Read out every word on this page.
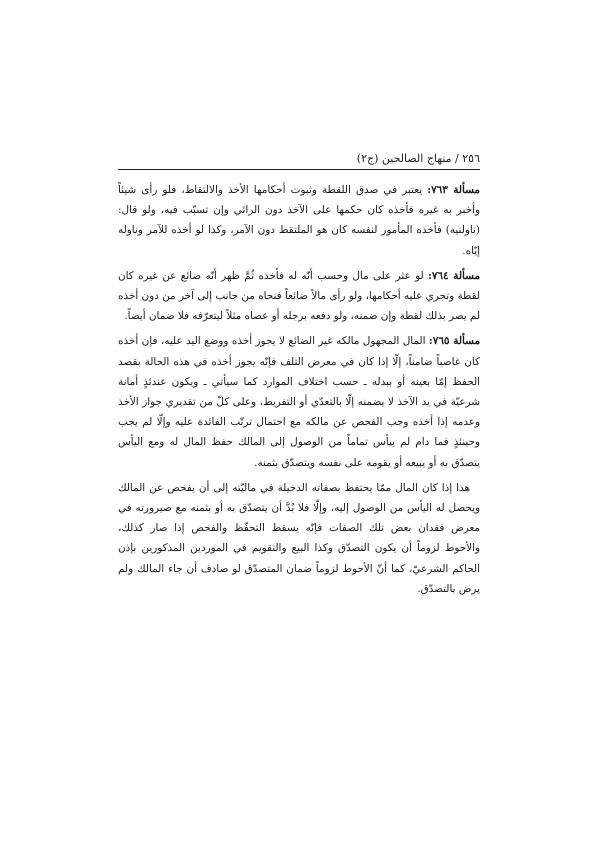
٢٥٦ / منهاج الصالحين (ج٢)

مسألة ٧٦٣: يعتبر في صدق اللقطة وثبوت أحكامها الأخذ والالتقاط، فلو رأى شيئاً وأخبر به غيره فأخذه كان حكمها على الآخذ دون الرائي وإن تسبّب فيه، ولو قال: (ناولنيه) فأخذه المأمور لنفسه كان هو الملتقط دون الآمر، وكذا لو أخذه للآمر وناوله إيّاه.

مسألة ٧٦٤: لو عثر على مال وحسب أنّه له فأخذه ثُمَّ ظهر أنّه ضائع عن غيره كان لقطة وتجري عليه أحكامها، ولو رأى مالاً ضائعاً فنحاه من جانب إلى آخر من دون أخذه لم يصر بذلك لقطة وإن ضمنه، ولو دفعه برجله أو عصاه مثلاً ليتعرّفه فلا ضمان أيضاً.

مسألة ٧٦٥: المال المجهول مالكه غير الضائع لا يجوز أخذه ووضع اليد عليه، فإن أخذه كان غاصباً ضامناً، إلّا إذا كان في معرض التلف فإنّه يجوز أخذه في هذه الحالة بقصد الحفظ إمّا بعينه أو ببدله ـ حسب اختلاف الموارد كما سيأتي ـ ويكون عندئذٍ أمانة شرعيّة في يد الآخذ لا يضمنه إلّا بالتعدّي أو التفريط، وعلى كلّ من تقديري جواز الأخذ وعدمه إذا أخذه وجب الفحص عن مالكه مع احتمال ترتّب الفائدة عليه وإلّا لم يجب وحينئذٍ فما دام لم ييأس تماماً من الوصول إلى المالك حفظ المال له ومع اليأس يتصدّق به أو يبيعه أو يقومه على نفسه ويتصدّق بثمنه.

هذا إذا كان المال ممّا يحتفظ بصفاته الدخيلة في ماليّته إلى أن يفحص عن المالك ويحصل له اليأس من الوصول إليه، وإلّا فلا بُدَّ أن يتصدّق به أو بثمنه مع صيرورته في معرض فقدان بعض تلك الصفات فإنّه يسقط التحفّظ والفحص إذا صار كذلك، والأحوط لزوماً أن يكون التصدّق وكذا البيع والتقويم في الموردين المذكورين بإذن الحاكم الشرعيّ، كما أنّ الأحوط لزوماً ضمان المتصدّق لو صادف أن جاء المالك ولم يرض بالتصدّق.
